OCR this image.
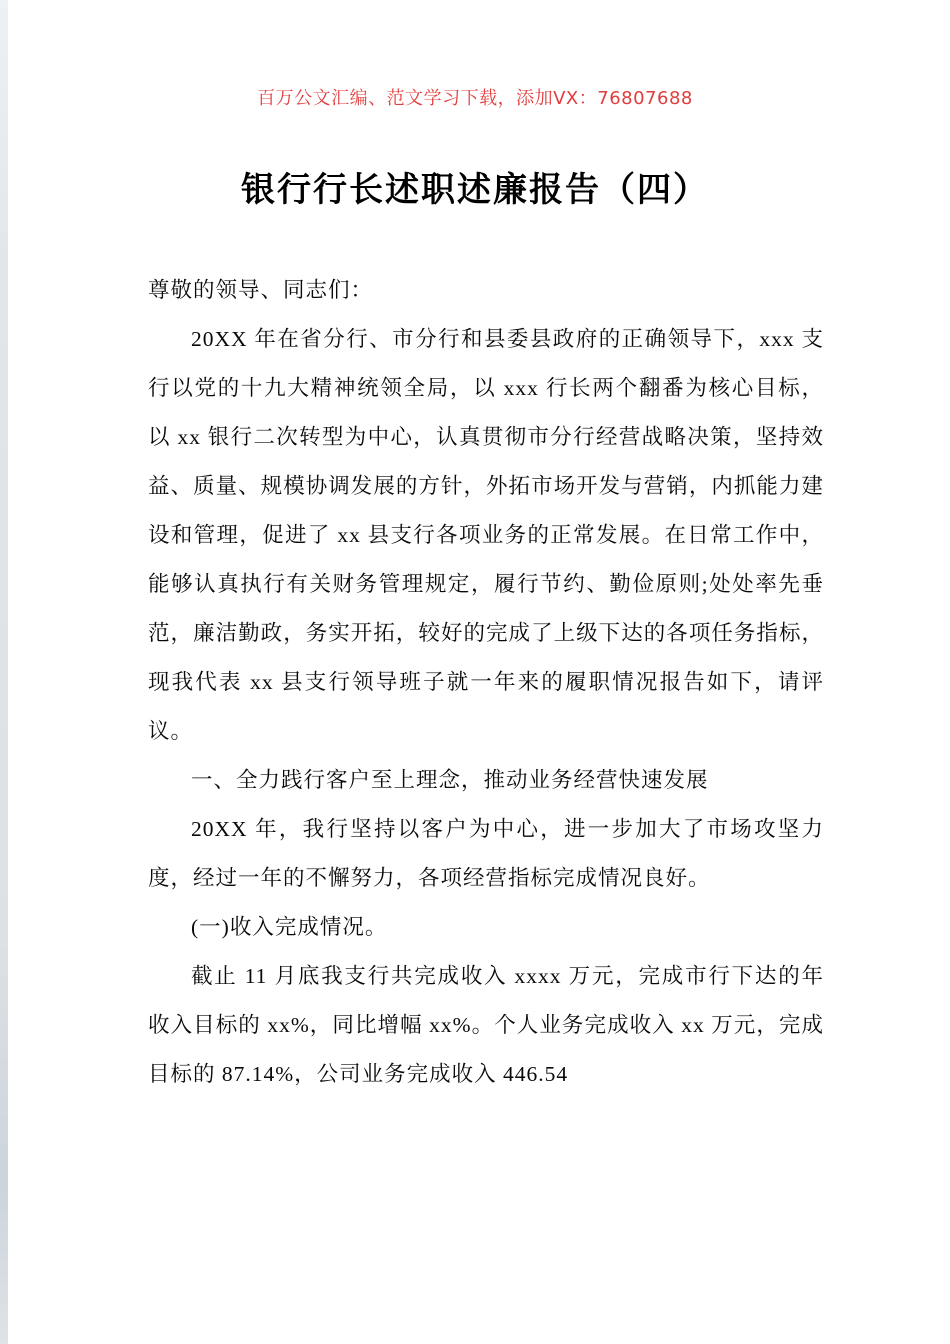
百万公文汇编、范文学习下载，添加VX：76807688

银行行长述职述廉报告（四）

尊敬的领导、同志们：

20XX 年在省分行、市分行和县委县政府的正确领导下，xxx 支行以党的十九大精神统领全局，以 xxx 行长两个翻番为核心目标，以 xx 银行二次转型为中心，认真贯彻市分行经营战略决策，坚持效益、质量、规模协调发展的方针，外拓市场开发与营销，内抓能力建设和管理，促进了 xx 县支行各项业务的正常发展。在日常工作中，能够认真执行有关财务管理规定，履行节约、勤俭原则;处处率先垂范，廉洁勤政，务实开拓，较好的完成了上级下达的各项任务指标，现我代表 xx 县支行领导班子就一年来的履职情况报告如下，请评议。

一、全力践行客户至上理念，推动业务经营快速发展

20XX 年，我行坚持以客户为中心，进一步加大了市场攻坚力度，经过一年的不懈努力，各项经营指标完成情况良好。

(一)收入完成情况。

截止 11 月底我支行共完成收入 xxxx 万元，完成市行下达的年收入目标的 xx%，同比增幅 xx%。个人业务完成收入 xx 万元，完成目标的 87.14%，公司业务完成收入 446.54
